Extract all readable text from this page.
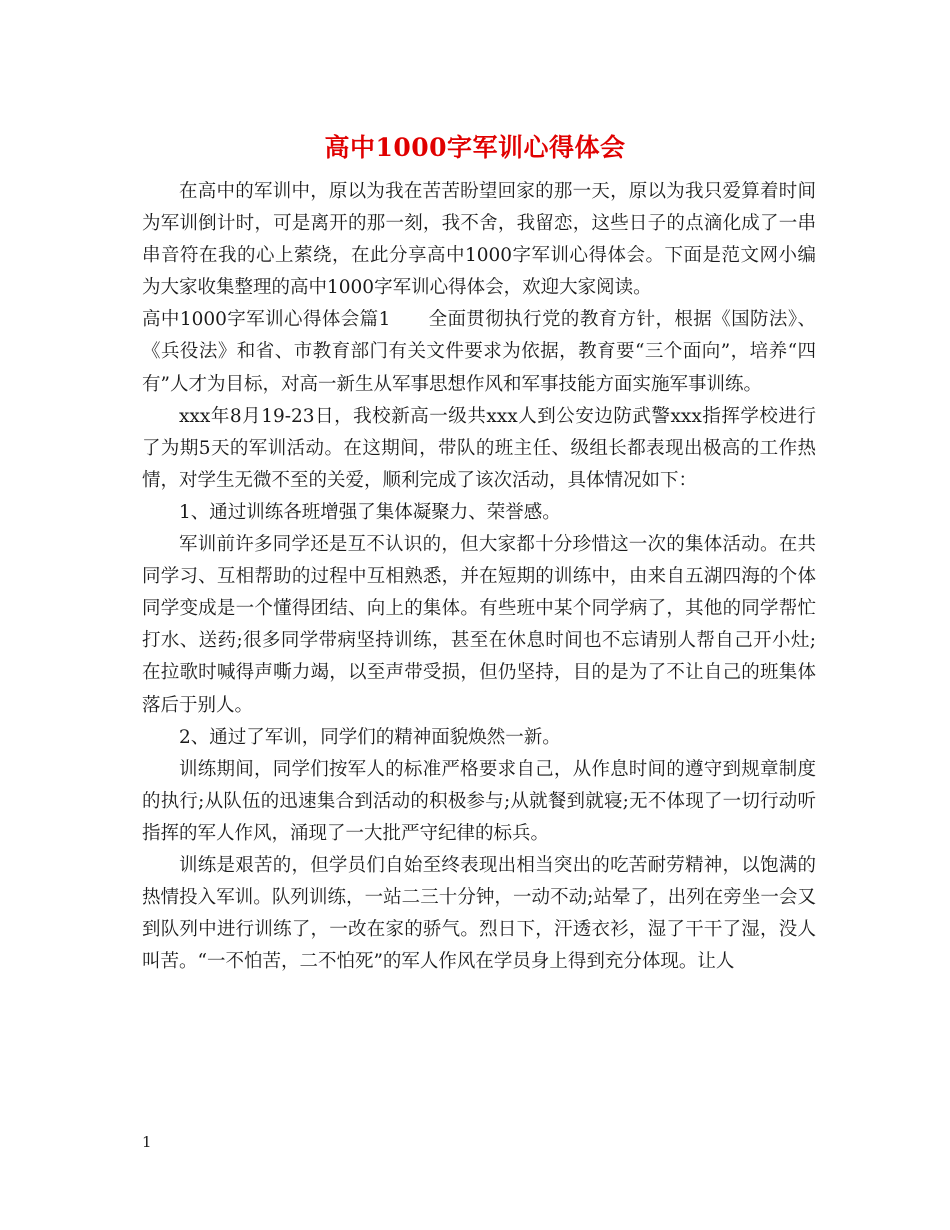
高中1000字军训心得体会

在高中的军训中，原以为我在苦苦盼望回家的那一天，原以为我只爱算着时间为军训倒计时，可是离开的那一刻，我不舍，我留恋，这些日子的点滴化成了一串串音符在我的心上萦绕，在此分享高中1000字军训心得体会。下面是范文网小编为大家收集整理的高中1000字军训心得体会，欢迎大家阅读。

高中1000字军训心得体会篇1　　全面贯彻执行党的教育方针，根据《国防法》、《兵役法》和省、市教育部门有关文件要求为依据，教育要“三个面向”，培养“四有”人才为目标，对高一新生从军事思想作风和军事技能方面实施军事训练。

xxx年8月19-23日，我校新高一级共xxx人到公安边防武警xxx指挥学校进行了为期5天的军训活动。在这期间，带队的班主任、级组长都表现出极高的工作热情，对学生无微不至的关爱，顺利完成了该次活动，具体情况如下：

1、通过训练各班增强了集体凝聚力、荣誉感。

军训前许多同学还是互不认识的，但大家都十分珍惜这一次的集体活动。在共同学习、互相帮助的过程中互相熟悉，并在短期的训练中，由来自五湖四海的个体同学变成是一个懂得团结、向上的集体。有些班中某个同学病了，其他的同学帮忙打水、送药;很多同学带病坚持训练，甚至在休息时间也不忘请别人帮自己开小灶;在拉歌时喊得声嘶力竭，以至声带受损，但仍坚持，目的是为了不让自己的班集体落后于别人。

2、通过了军训，同学们的精神面貌焕然一新。

训练期间，同学们按军人的标准严格要求自己，从作息时间的遵守到规章制度的执行;从队伍的迅速集合到活动的积极参与;从就餐到就寝;无不体现了一切行动听指挥的军人作风，涌现了一大批严守纪律的标兵。

训练是艰苦的，但学员们自始至终表现出相当突出的吃苦耐劳精神，以饱满的热情投入军训。队列训练，一站二三十分钟，一动不动;站晕了，出列在旁坐一会又到队列中进行训练了，一改在家的骄气。烈日下，汗透衣衫，湿了干干了湿，没人叫苦。“一不怕苦，二不怕死”的军人作风在学员身上得到充分体现。让人

1
